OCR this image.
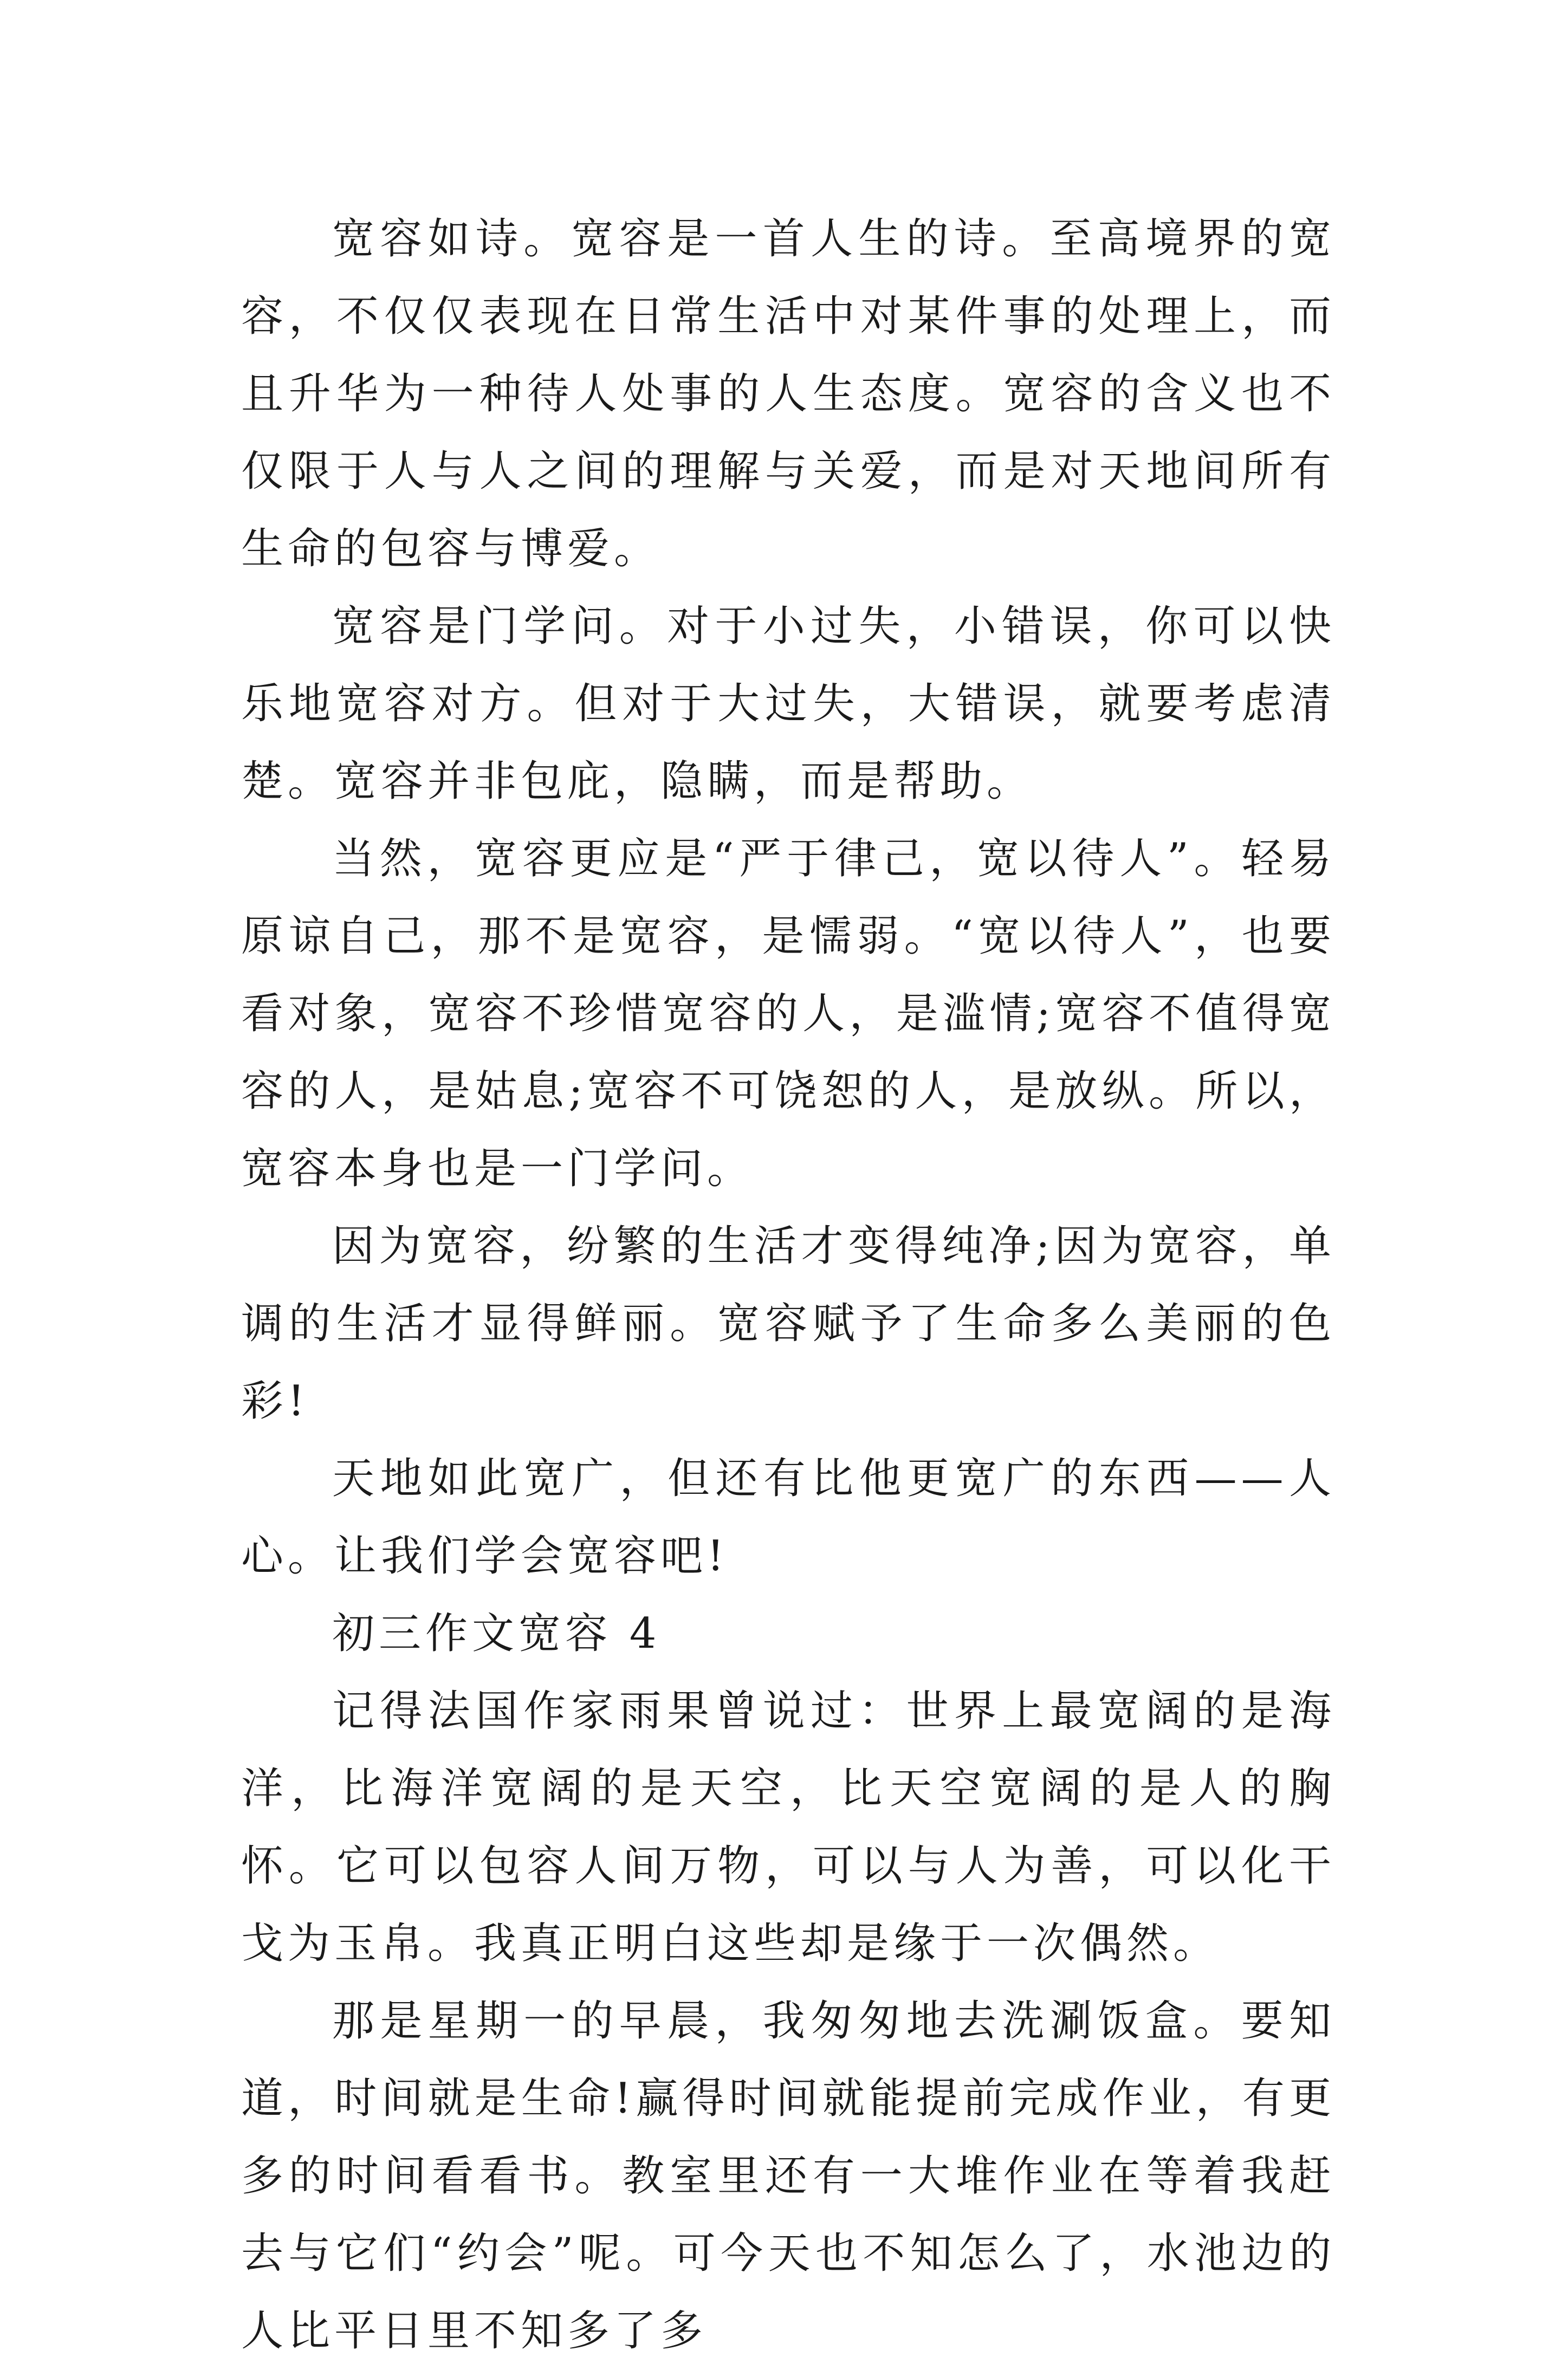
宽容如诗。宽容是一首人生的诗。至高境界的宽容，不仅仅表现在日常生活中对某件事的处理上，而且升华为一种待人处事的人生态度。宽容的含义也不仅限于人与人之间的理解与关爱，而是对天地间所有生命的包容与博爱。

宽容是门学问。对于小过失，小错误，你可以快乐地宽容对方。但对于大过失，大错误，就要考虑清楚。宽容并非包庇，隐瞒，而是帮助。

当然，宽容更应是“严于律己，宽以待人”。轻易原谅自己，那不是宽容，是懦弱。“宽以待人”，也要看对象，宽容不珍惜宽容的人，是滥情;宽容不值得宽容的人，是姑息;宽容不可饶恕的人，是放纵。所以，宽容本身也是一门学问。

因为宽容，纷繁的生活才变得纯净;因为宽容，单调的生活才显得鲜丽。宽容赋予了生命多么美丽的色彩!

天地如此宽广，但还有比他更宽广的东西——人心。让我们学会宽容吧!

初三作文宽容 4

记得法国作家雨果曾说过：世界上最宽阔的是海洋，比海洋宽阔的是天空，比天空宽阔的是人的胸怀。它可以包容人间万物，可以与人为善，可以化干戈为玉帛。我真正明白这些却是缘于一次偶然。

那是星期一的早晨，我匆匆地去洗涮饭盒。要知道，时间就是生命!赢得时间就能提前完成作业，有更多的时间看看书。教室里还有一大堆作业在等着我赶去与它们“约会”呢。可今天也不知怎么了，水池边的人比平日里不知多了多
